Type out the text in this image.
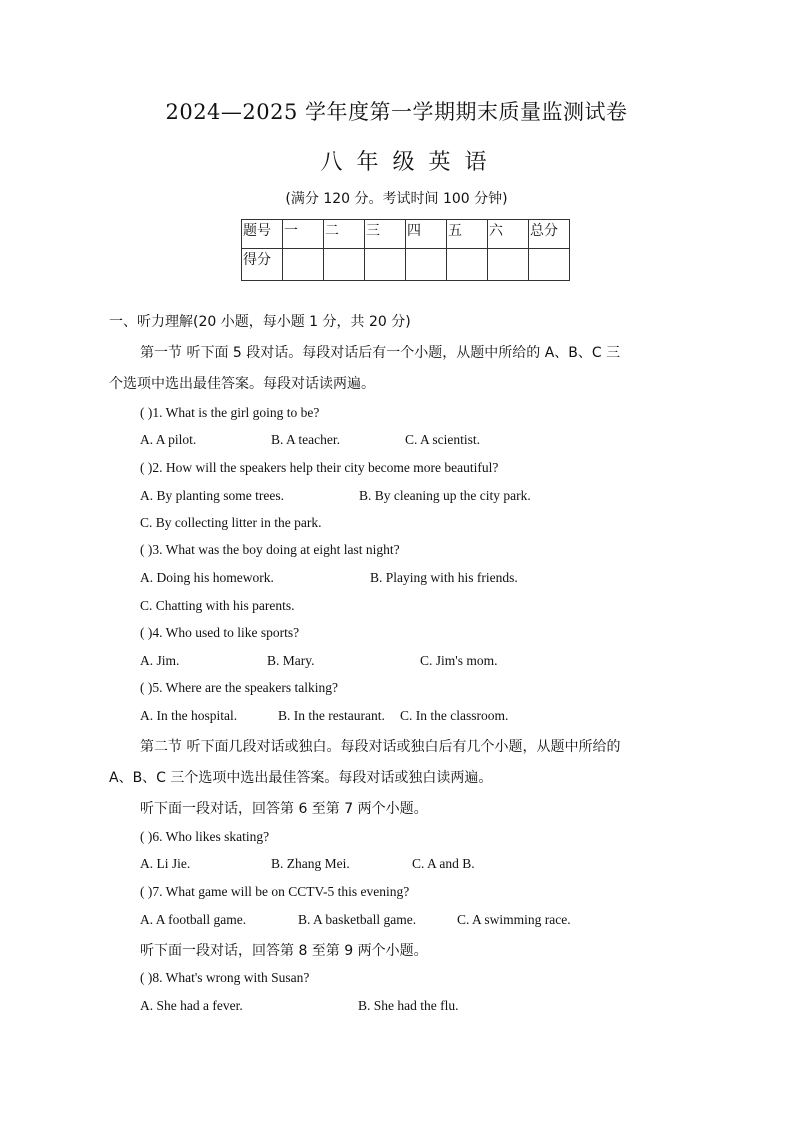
2024—2025 学年度第一学期期末质量监测试卷
八年级英语
(满分 120 分。考试时间 100 分钟)
题号	一	二	三	四	五	六	总分
得分							
一、听力理解(20 小题，每小题 1 分，共 20 分)
第一节 听下面 5 段对话。每段对话后有一个小题，从题中所给的 A、B、C 三
个选项中选出最佳答案。每段对话读两遍。
( )1. What is the girl going to be?
A. A pilot.	B. A teacher.	C. A scientist.
( )2. How will the speakers help their city become more beautiful?
A. By planting some trees.	B. By cleaning up the city park.
C. By collecting litter in the park.
( )3. What was the boy doing at eight last night?
A. Doing his homework.	B. Playing with his friends.
C. Chatting with his parents.
( )4. Who used to like sports?
A. Jim.	B. Mary.	C. Jim's mom.
( )5. Where are the speakers talking?
A. In the hospital.	B. In the restaurant. C. In the classroom.
第二节 听下面几段对话或独白。每段对话或独白后有几个小题，从题中所给的
A、B、C 三个选项中选出最佳答案。每段对话或独白读两遍。
听下面一段对话，回答第 6 至第 7 两个小题。
( )6. Who likes skating?
A. Li Jie.	B. Zhang Mei.	C. A and B.
( )7. What game will be on CCTV-5 this evening?
A. A football game.	B. A basketball game.	C. A swimming race.
听下面一段对话，回答第 8 至第 9 两个小题。
( )8. What's wrong with Susan?
A. She had a fever.	B. She had the flu.
